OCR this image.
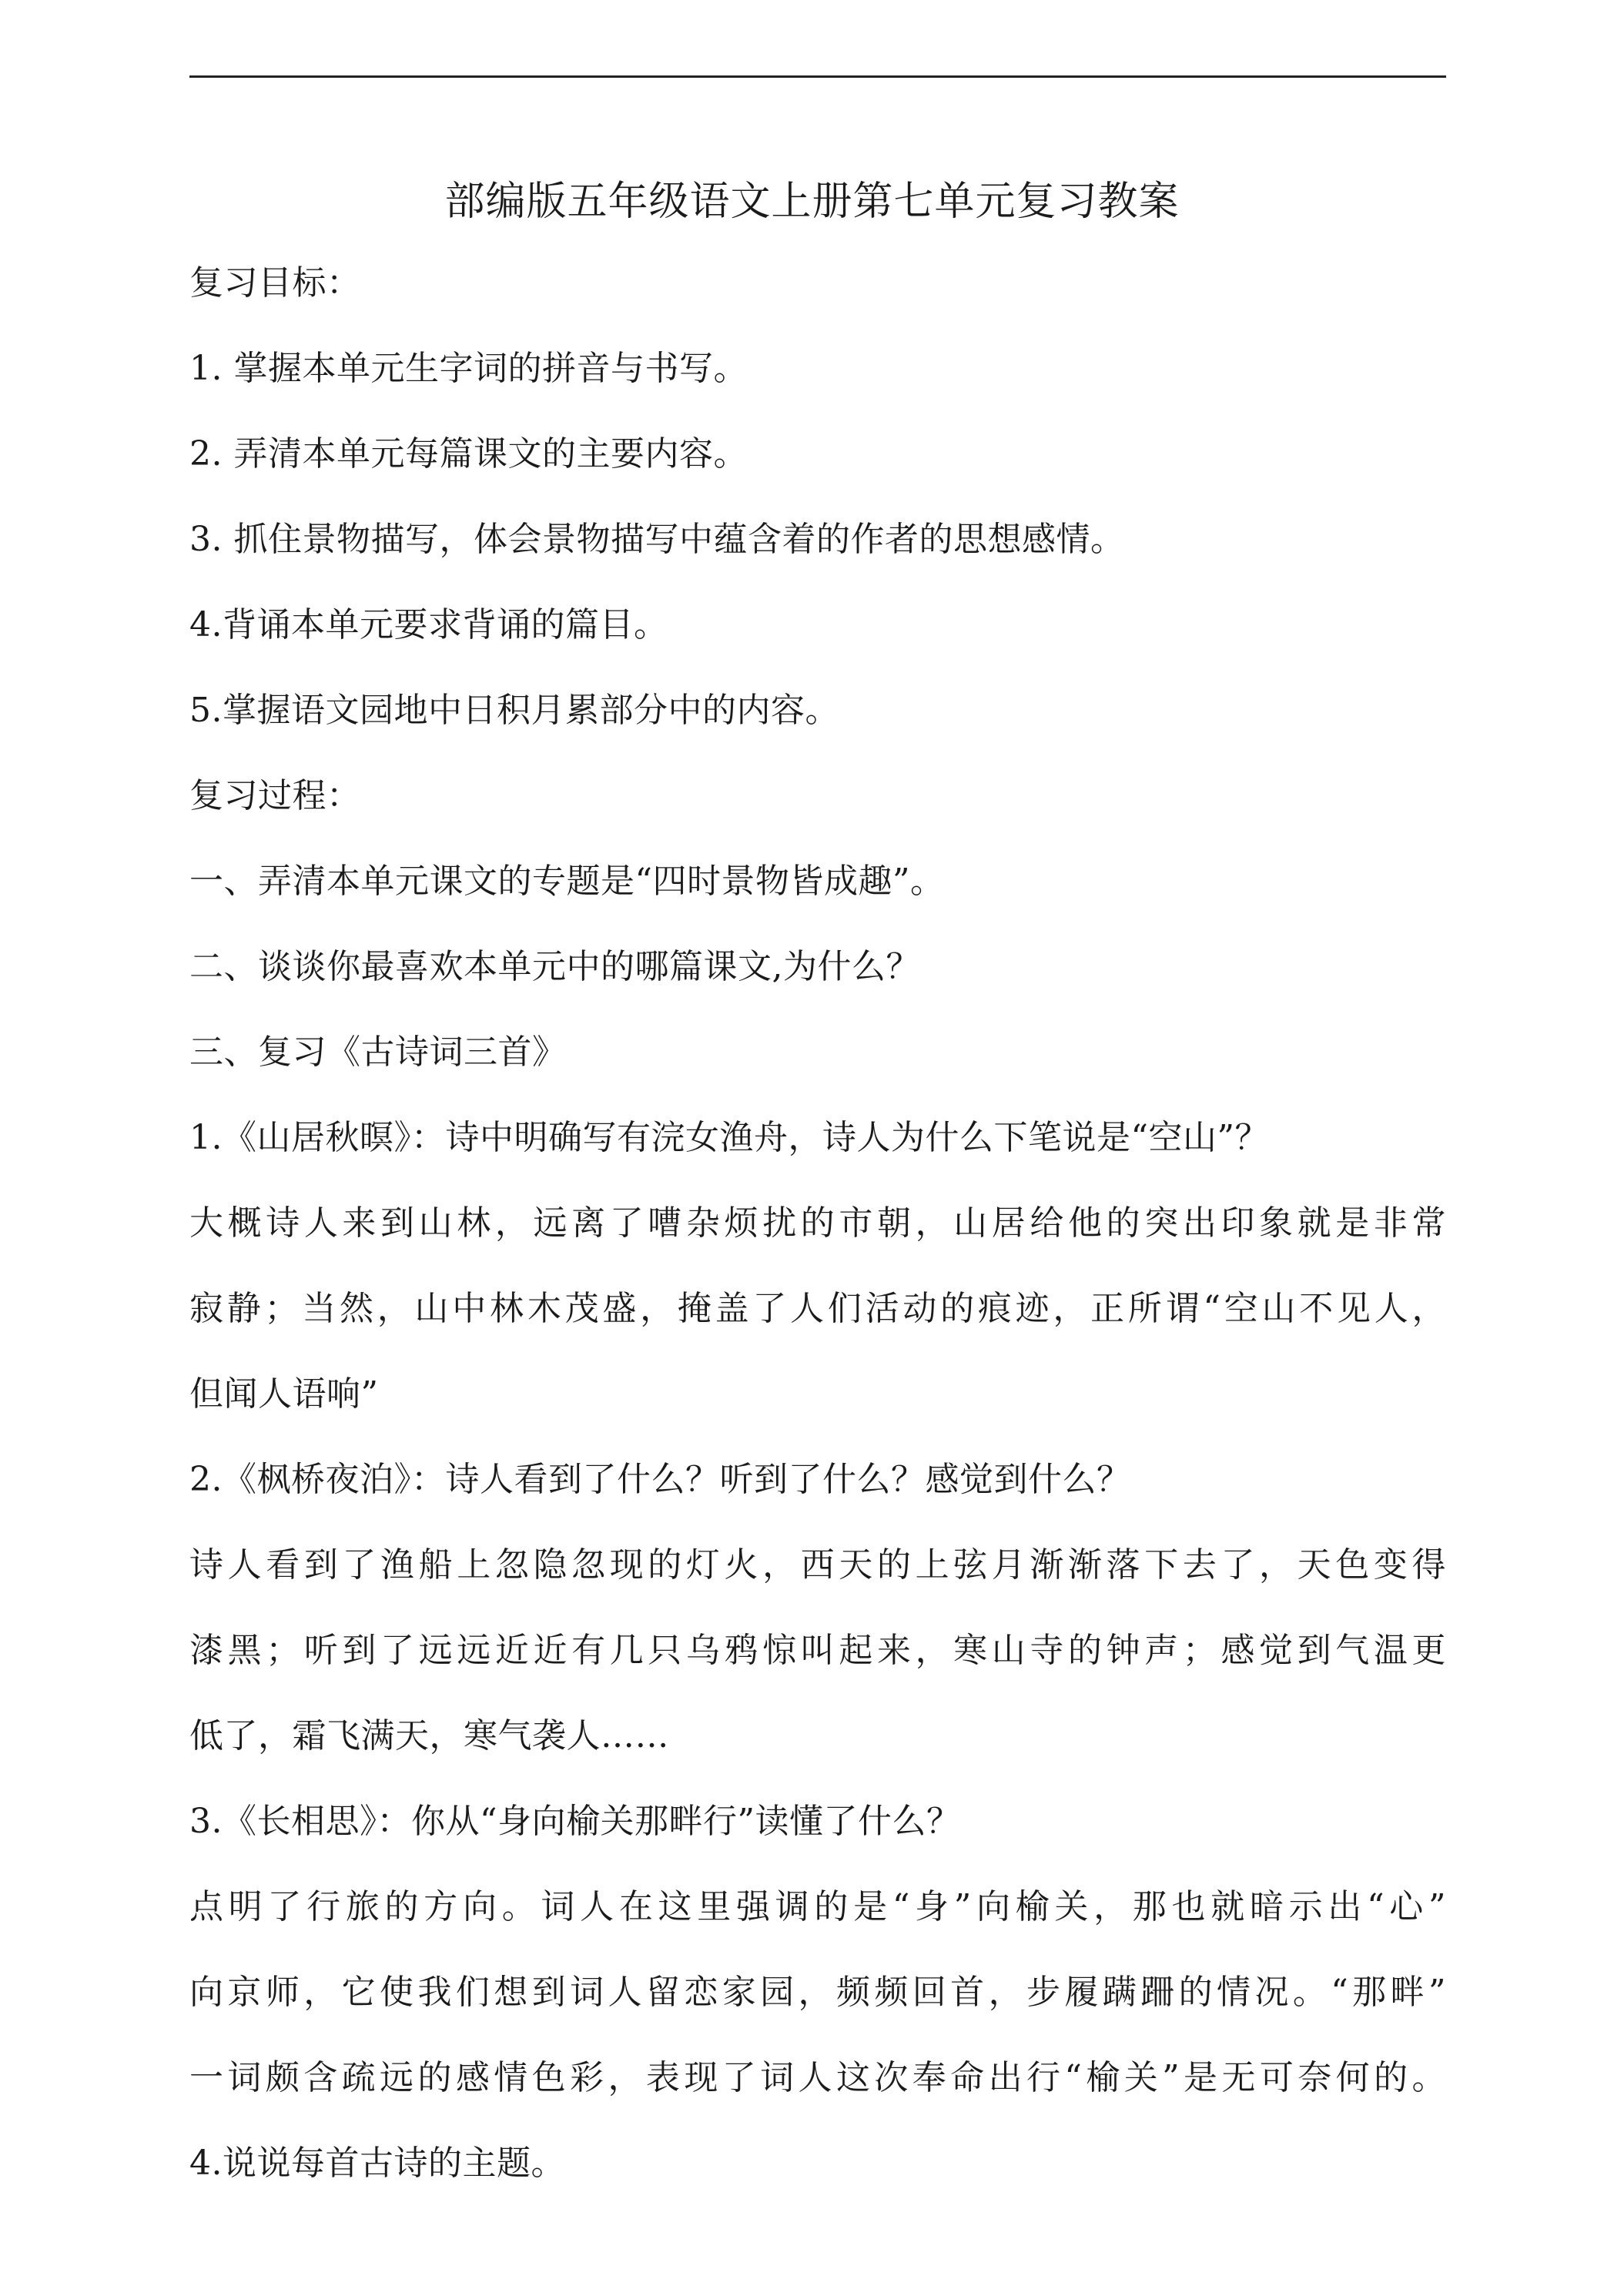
部编版五年级语文上册第七单元复习教案
复习目标：
1. 掌握本单元生字词的拼音与书写。
2. 弄清本单元每篇课文的主要内容。
3. 抓住景物描写，体会景物描写中蕴含着的作者的思想感情。
4.背诵本单元要求背诵的篇目。
5.掌握语文园地中日积月累部分中的内容。
复习过程：
一、弄清本单元课文的专题是“四时景物皆成趣”。
二、谈谈你最喜欢本单元中的哪篇课文,为什么？
三、复习《古诗词三首》
1.《山居秋暝》：诗中明确写有浣女渔舟，诗人为什么下笔说是“空山”？
大概诗人来到山林，远离了嘈杂烦扰的市朝，山居给他的突出印象就是非常
寂静；当然，山中林木茂盛，掩盖了人们活动的痕迹，正所谓“空山不见人，
但闻人语响”
2.《枫桥夜泊》：诗人看到了什么？听到了什么？感觉到什么？
诗人看到了渔船上忽隐忽现的灯火，西天的上弦月渐渐落下去了，天色变得
漆黑；听到了远远近近有几只乌鸦惊叫起来，寒山寺的钟声；感觉到气温更
低了，霜飞满天，寒气袭人……
3.《长相思》：你从“身向榆关那畔行”读懂了什么？
点明了行旅的方向。词人在这里强调的是“身”向榆关，那也就暗示出“心”
向京师，它使我们想到词人留恋家园，频频回首，步履蹒跚的情况。“那畔”
一词颇含疏远的感情色彩，表现了词人这次奉命出行“榆关”是无可奈何的。
4.说说每首古诗的主题。
